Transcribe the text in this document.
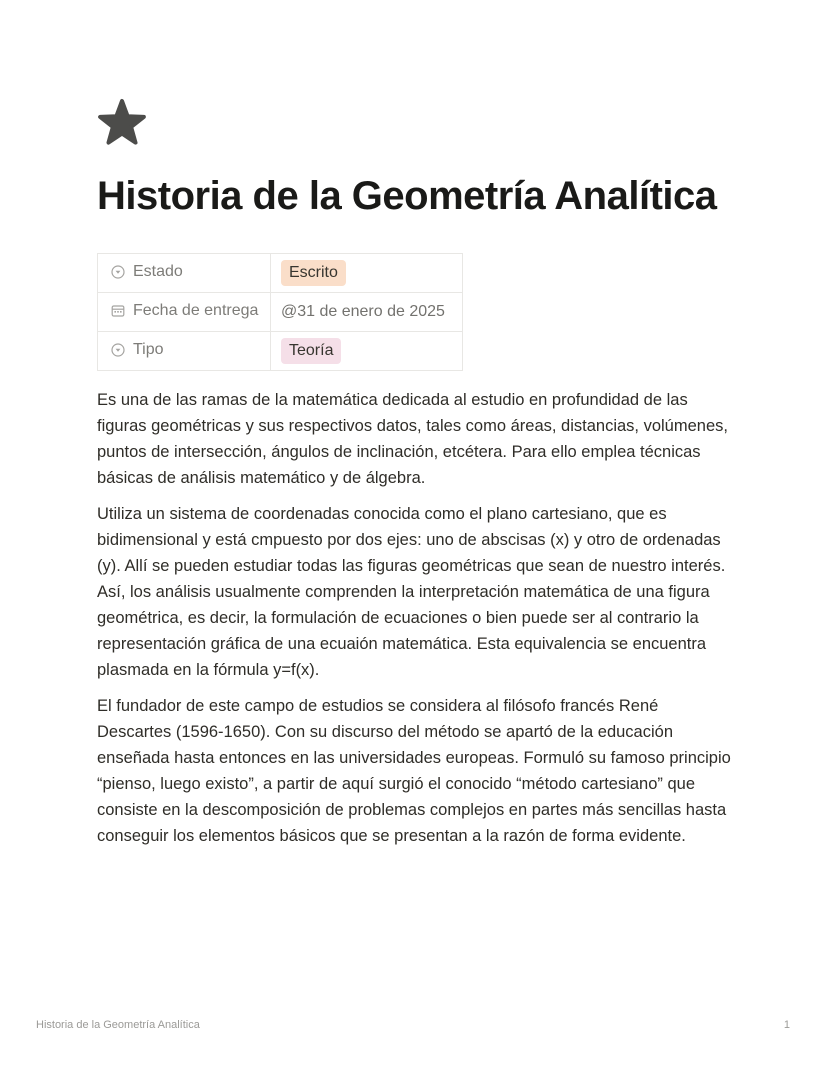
Historia de la Geometría Analítica
Estado	Escrito

Fecha de entrega	@31 de enero de 2025

Tipo	Teoría

Es una de las ramas de la matemática dedicada al estudio en profundidad de las figuras geométricas y sus respectivos datos, tales como áreas, distancias, volúmenes, puntos de intersección, ángulos de inclinación, etcétera. Para ello emplea técnicas básicas de análisis matemático y de álgebra.

Utiliza un sistema de coordenadas conocida como el plano cartesiano, que es bidimensional y está cmpuesto por dos ejes: uno de abscisas (x) y otro de ordenadas (y). Allí se pueden estudiar todas las figuras geométricas que sean de nuestro interés. Así, los análisis usualmente comprenden la interpretación matemática de una figura geométrica, es decir, la formulación de ecuaciones o bien puede ser al contrario la representación gráfica de una ecuaión matemática. Esta equivalencia se encuentra plasmada en la fórmula y=f(x).

El fundador de este campo de estudios se considera al filósofo francés René Descartes (1596-1650). Con su discurso del método se apartó de la educación enseñada hasta entonces en las universidades europeas. Formuló su famoso principio “pienso, luego existo”, a partir de aquí surgió el conocido “método cartesiano” que consiste en la descomposición de problemas complejos en partes más sencillas hasta conseguir los elementos básicos que se presentan a la razón de forma evidente.

Historia de la Geometría Analítica	1
